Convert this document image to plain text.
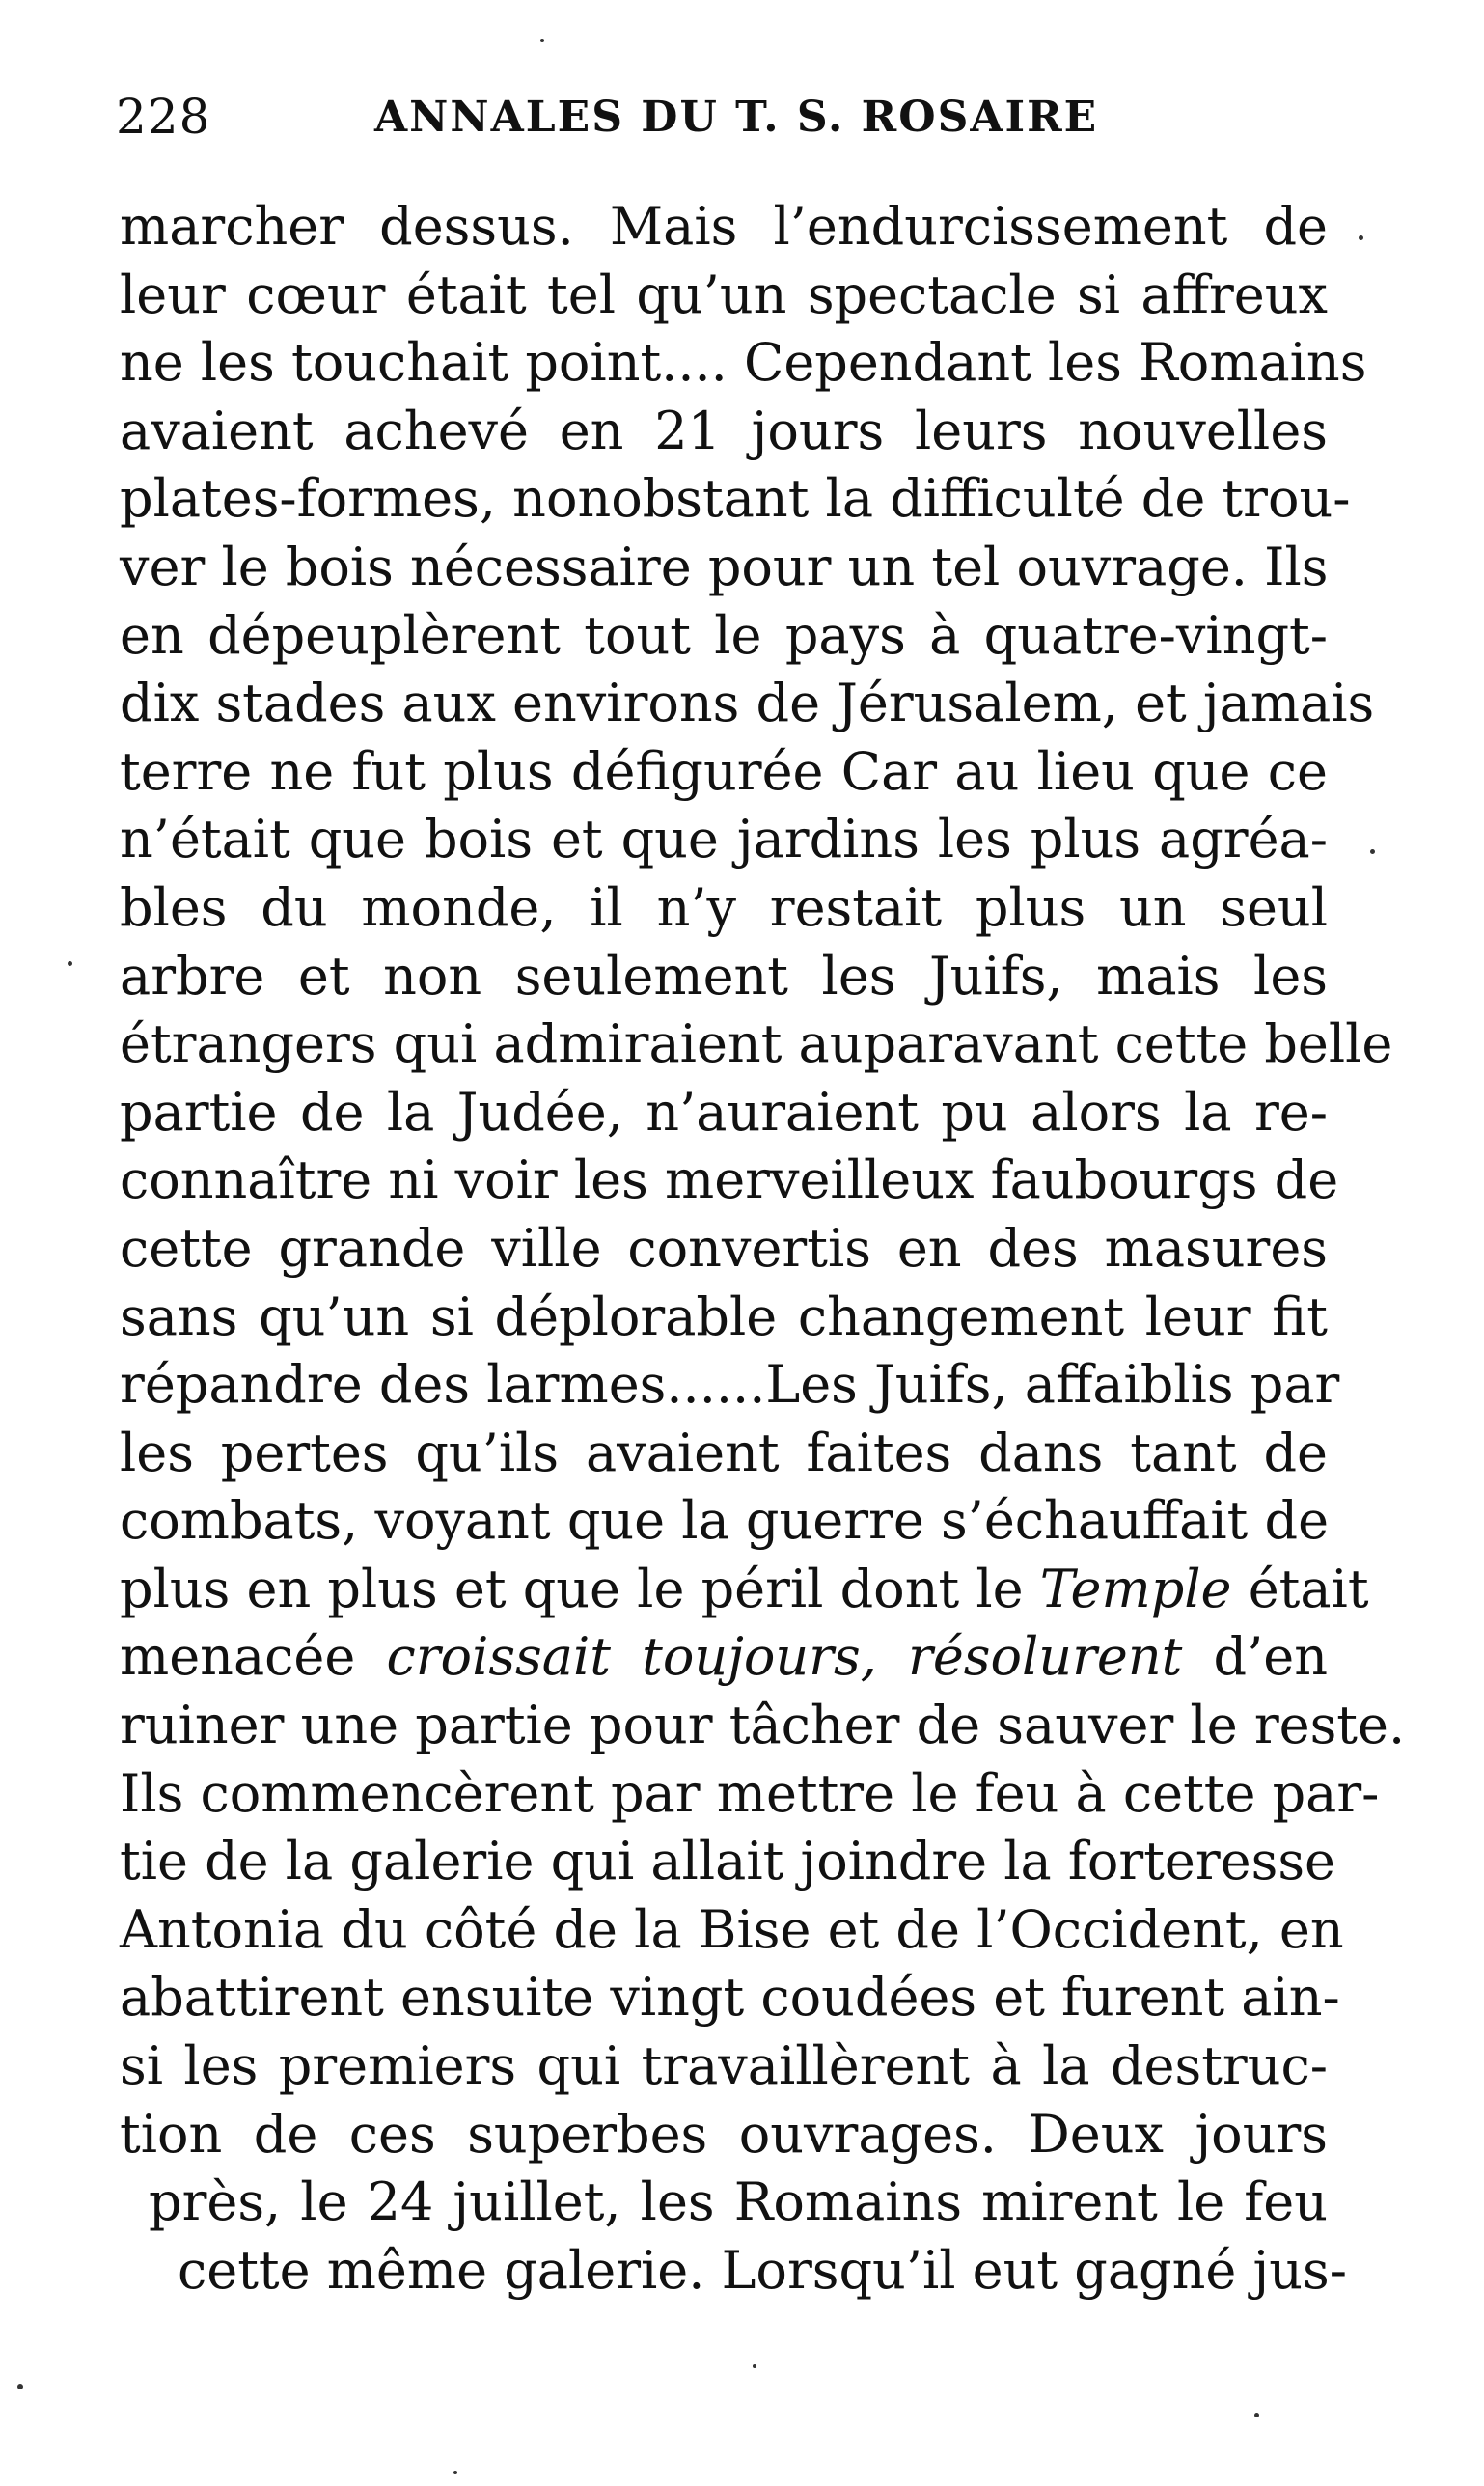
228	ANNALES DU T. S. ROSAIRE
marcher dessus. Mais l’endurcissement de
leur cœur était tel qu’un spectacle si affreux
ne les touchait point.... Cependant les Romains
avaient achevé en 21 jours leurs nouvelles
plates-formes, nonobstant la difficulté de trou-
ver le bois nécessaire pour un tel ouvrage. Ils
en dépeuplèrent tout le pays à quatre-vingt-
dix stades aux environs de Jérusalem, et jamais
terre ne fut plus défigurée Car au lieu que ce
n’était que bois et que jardins les plus agréa-
bles du monde, il n’y restait plus un seul
arbre et non seulement les Juifs, mais les
étrangers qui admiraient auparavant cette belle
partie de la Judée, n’auraient pu alors la re-
connaître ni voir les merveilleux faubourgs de
cette grande ville convertis en des masures
sans qu’un si déplorable changement leur fit
répandre des larmes......Les Juifs, affaiblis par
les pertes qu’ils avaient faites dans tant de
combats, voyant que la guerre s’échauffait de
plus en plus et que le péril dont le Temple était
menacée croissait toujours, résolurent d’en
ruiner une partie pour tâcher de sauver le reste.
Ils commencèrent par mettre le feu à cette par-
tie de la galerie qui allait joindre la forteresse
Antonia du côté de la Bise et de l’Occident, en
abattirent ensuite vingt coudées et furent ain-
si les premiers qui travaillèrent à la destruc-
tion de ces superbes ouvrages. Deux jours
près, le 24 juillet, les Romains mirent le feu
cette même galerie. Lorsqu’il eut gagné jus-
